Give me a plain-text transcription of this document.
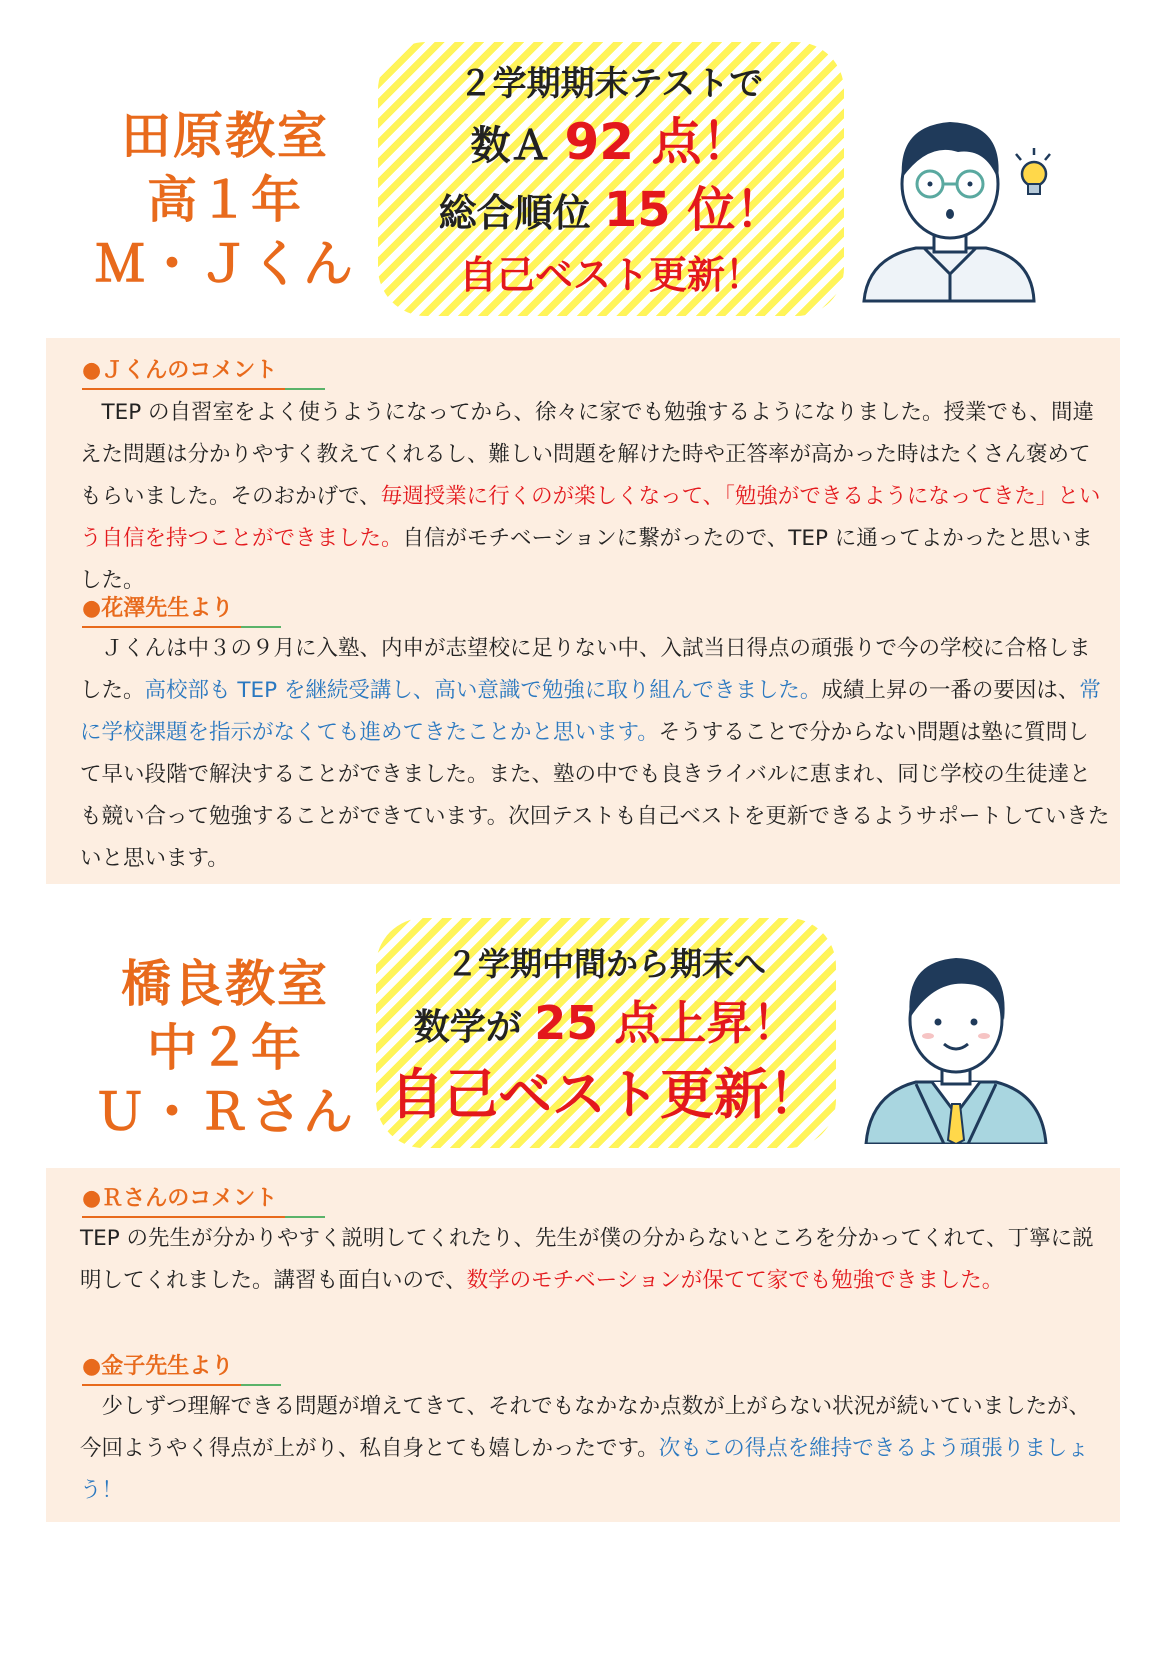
田原教室
高１年
Ｍ・Ｊくん
２学期期末テストで
数Ａ 92 点！
総合順位 15 位！
自己ベスト更新！
●Ｊくんのコメント
　TEP の自習室をよく使うようになってから、徐々に家でも勉強するようになりました。授業でも、間違えた問題は分かりやすく教えてくれるし、難しい問題を解けた時や正答率が高かった時はたくさん褒めてもらいました。そのおかげで、毎週授業に行くのが楽しくなって、「勉強ができるようになってきた」という自信を持つことができました。自信がモチベーションに繋がったので、TEP に通ってよかったと思いました。
●花澤先生より
　Ｊくんは中３の９月に入塾、内申が志望校に足りない中、入試当日得点の頑張りで今の学校に合格しました。高校部も TEP を継続受講し、高い意識で勉強に取り組んできました。成績上昇の一番の要因は、常に学校課題を指示がなくても進めてきたことかと思います。そうすることで分からない問題は塾に質問して早い段階で解決することができました。また、塾の中でも良きライバルに恵まれ、同じ学校の生徒達とも競い合って勉強することができています。次回テストも自己ベストを更新できるようサポートしていきたいと思います。
橋良教室
中２年
Ｕ・Ｒさん
２学期中間から期末へ
数学が 25 点上昇！
自己ベスト更新！
●Ｒさんのコメント
TEP の先生が分かりやすく説明してくれたり、先生が僕の分からないところを分かってくれて、丁寧に説明してくれました。講習も面白いので、数学のモチベーションが保てて家でも勉強できました。
●金子先生より
　少しずつ理解できる問題が増えてきて、それでもなかなか点数が上がらない状況が続いていましたが、今回ようやく得点が上がり、私自身とても嬉しかったです。次もこの得点を維持できるよう頑張りましょう！
